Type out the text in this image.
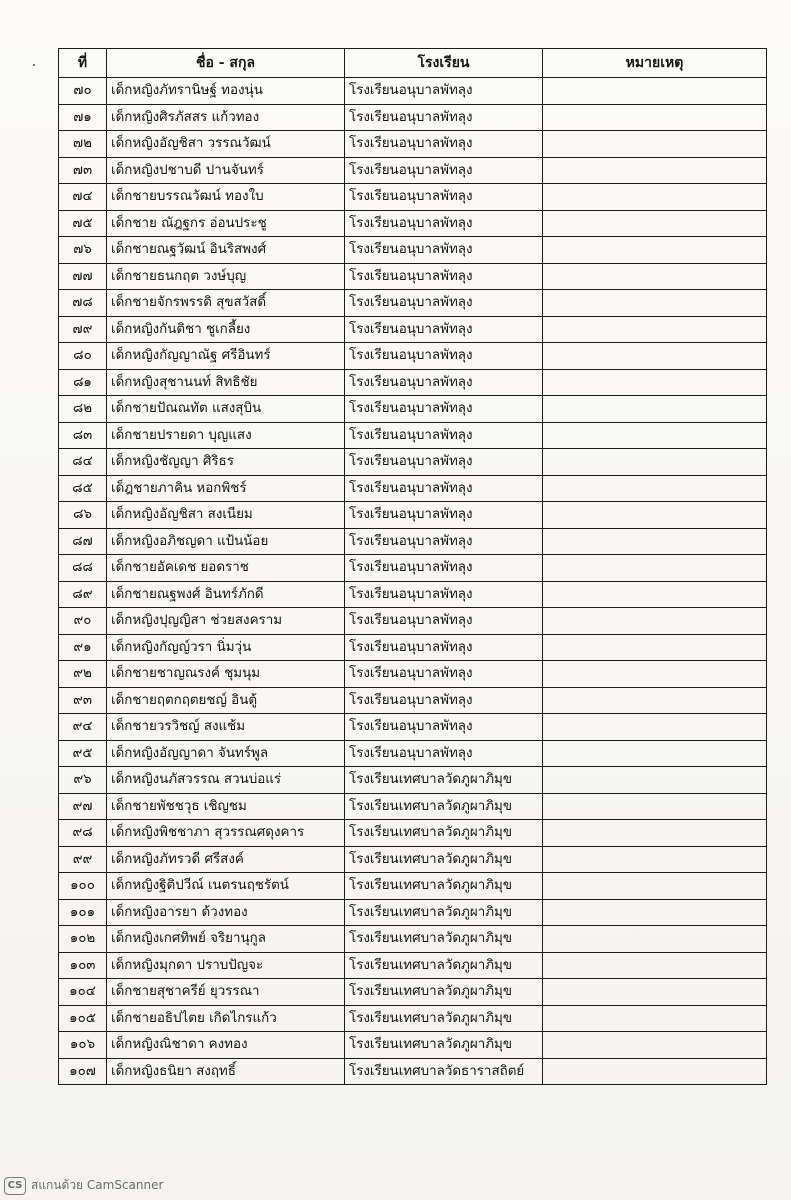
ที่	ชื่อ - สกุล	โรงเรียน	หมายเหตุ
๗๐	เด็กหญิงภัทรานิษฐ์ ทองนุ่น	โรงเรียนอนุบาลพัทลุง	
๗๑	เด็กหญิงศิรภัสสร แก้วทอง	โรงเรียนอนุบาลพัทลุง	
๗๒	เด็กหญิงอัญชิสา วรรณวัฒน์	โรงเรียนอนุบาลพัทลุง	
๗๓	เด็กหญิงปชาบดี ปานจันทร์	โรงเรียนอนุบาลพัทลุง	
๗๔	เด็กชายบรรณวัฒน์ ทองใบ	โรงเรียนอนุบาลพัทลุง	
๗๕	เด็กชาย ณัฎฐกร อ่อนประชู	โรงเรียนอนุบาลพัทลุง	
๗๖	เด็กชายณฐวัฒน์ อินริสพงศ์	โรงเรียนอนุบาลพัทลุง	
๗๗	เด็กชายธนกฤต วงษ์บุญ	โรงเรียนอนุบาลพัทลุง	
๗๘	เด็กชายจักรพรรดิ สุขสวัสดิ์	โรงเรียนอนุบาลพัทลุง	
๗๙	เด็กหญิงกันติชา ชูเกลี้ยง	โรงเรียนอนุบาลพัทลุง	
๘๐	เด็กหญิงกัญญาณัฐ ศรีอินทร์	โรงเรียนอนุบาลพัทลุง	
๘๑	เด็กหญิงสุชานนท์ สิทธิชัย	โรงเรียนอนุบาลพัทลุง	
๘๒	เด็กชายปัณณทัต แสงสุบิน	โรงเรียนอนุบาลพัทลุง	
๘๓	เด็กชายปรายดา บุญแสง	โรงเรียนอนุบาลพัทลุง	
๘๔	เด็กหญิงชัญญา ศิริธร	โรงเรียนอนุบาลพัทลุง	
๘๕	เด็ฎชายภาคิน หอกพิชร์	โรงเรียนอนุบาลพัทลุง	
๘๖	เด็กหญิงอัญชิสา สงเนียม	โรงเรียนอนุบาลพัทลุง	
๘๗	เด็กหญิงอภิชญดา แป้นน้อย	โรงเรียนอนุบาลพัทลุง	
๘๘	เด็กชายอัคเดช ยอดราช	โรงเรียนอนุบาลพัทลุง	
๘๙	เด็กชายณฐพงศ์ อินทร์ภักดี	โรงเรียนอนุบาลพัทลุง	
๙๐	เด็กหญิงปุญญิสา ช่วยสงคราม	โรงเรียนอนุบาลพัทลุง	
๙๑	เด็กหญิงกัญญ์วรา นิ่มวุ่น	โรงเรียนอนุบาลพัทลุง	
๙๒	เด็กชายชาญณรงค์ ชุมนุม	โรงเรียนอนุบาลพัทลุง	
๙๓	เด็กชายฤตกฤตยชญ์ อินตู้	โรงเรียนอนุบาลพัทลุง	
๙๔	เด็กชายวรวิชญ์ สงแช้ม	โรงเรียนอนุบาลพัทลุง	
๙๕	เด็กหญิงอัญญาดา จันทร์พูล	โรงเรียนอนุบาลพัทลุง	
๙๖	เด็กหญิงนภัสวรรณ สวนบ่อแร่	โรงเรียนเทศบาลวัดภูผาภิมุข	
๙๗	เด็กชายพัชชวุธ เชิญชม	โรงเรียนเทศบาลวัดภูผาภิมุข	
๙๘	เด็กหญิงพิชชาภา สุวรรณศดุงคาร	โรงเรียนเทศบาลวัดภูผาภิมุข	
๙๙	เด็กหญิงภัทรวดี ศรีสงค์	โรงเรียนเทศบาลวัดภูผาภิมุข	
๑๐๐	เด็กหญิงฐิติปวีณ์ เนตรนฤชรัตน์	โรงเรียนเทศบาลวัดภูผาภิมุข	
๑๐๑	เด็กหญิงอารยา ด้วงทอง	โรงเรียนเทศบาลวัดภูผาภิมุข	
๑๐๒	เด็กหญิงเกศทิพย์ จริยานุกูล	โรงเรียนเทศบาลวัดภูผาภิมุข	
๑๐๓	เด็กหญิงมุกดา ปราบปัญจะ	โรงเรียนเทศบาลวัดภูผาภิมุข	
๑๐๔	เด็กชายสุชาครีย์ ยุวรรณา	โรงเรียนเทศบาลวัดภูผาภิมุข	
๑๐๕	เด็กชายอธิปไตย เกิดไกรแก้ว	โรงเรียนเทศบาลวัดภูผาภิมุข	
๑๐๖	เด็กหญิงณิชาดา คงทอง	โรงเรียนเทศบาลวัดภูผาภิมุข	
๑๐๗	เด็กหญิงธนิยา สงฤทธิ์	โรงเรียนเทศบาลวัดธาราสถิตย์	
CS สแกนด้วย CamScanner
